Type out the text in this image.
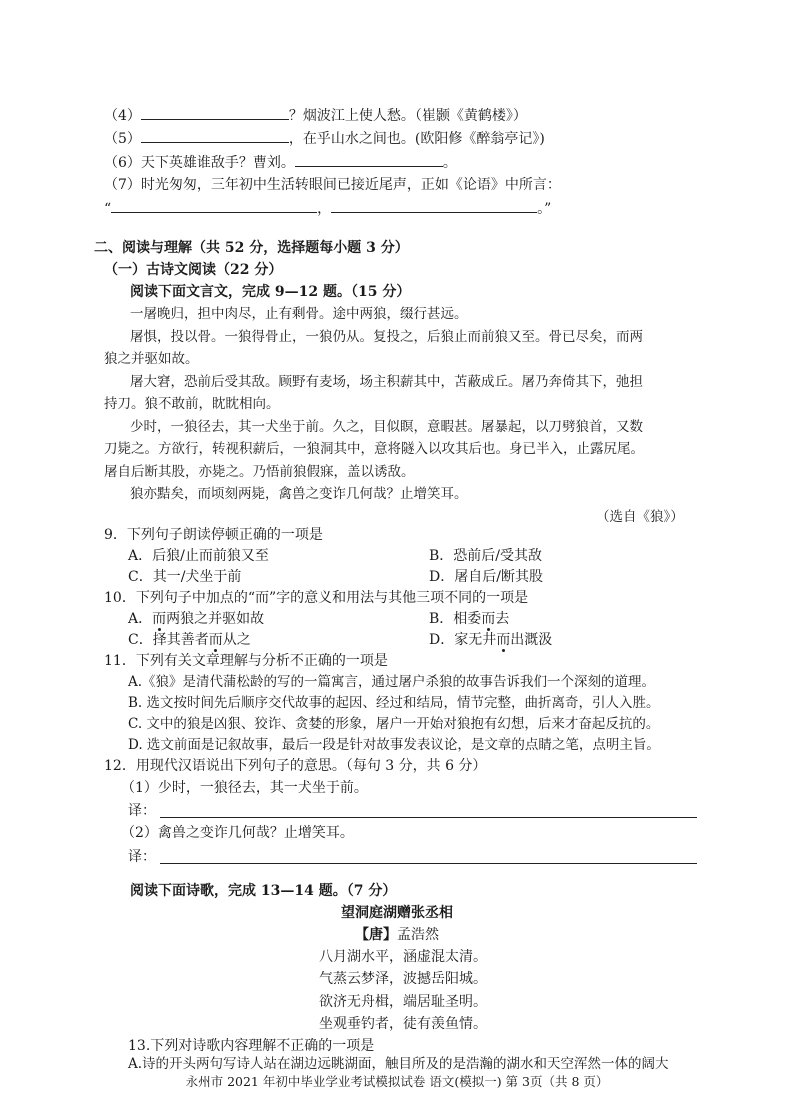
（4）	？烟波江上使人愁。（崔颢《黄鹤楼》）
（5）	，在乎山水之间也。(欧阳修《醉翁亭记》)
（6）天下英雄谁敌手？曹刘。	。
（7）时光匆匆，三年初中生活转眼间已接近尾声，正如《论语》中所言：
“	，	。”
二、阅读与理解（共 52 分，选择题每小题 3 分）
（一）古诗文阅读（22 分）
阅读下面文言文，完成 9—12 题。（15 分）
一屠晚归，担中肉尽，止有剩骨。途中两狼，缀行甚远。
屠惧，投以骨。一狼得骨止，一狼仍从。复投之，后狼止而前狼又至。骨已尽矣，而两
狼之并驱如故。
屠大窘，恐前后受其敌。顾野有麦场，场主积薪其中，苫蔽成丘。屠乃奔倚其下，弛担
持刀。狼不敢前，眈眈相向。
少时，一狼径去，其一犬坐于前。久之，目似瞑，意暇甚。屠暴起，以刀劈狼首，又数
刀毙之。方欲行，转视积薪后，一狼洞其中，意将隧入以攻其后也。身已半入，止露尻尾。
屠自后断其股，亦毙之。乃悟前狼假寐，盖以诱敌。
狼亦黠矣，而顷刻两毙，禽兽之变诈几何哉？止增笑耳。
（选自《狼》）
9．下列句子朗读停顿正确的一项是
A．后狼/止而前狼又至	B．恐前后/受其敌
C．其一/犬坐于前	D．屠自后/断其股
10．下列句子中加点的“而”字的意义和用法与其他三项不同的一项是
A．而两狼之并驱如故	B．相委而去
C．择其善者而从之	D．家无井而出溉汲
11．下列有关文章理解与分析不正确的一项是
A.《狼》是清代蒲松龄的写的一篇寓言，通过屠户杀狼的故事告诉我们一个深刻的道理。
B. 选文按时间先后顺序交代故事的起因、经过和结局，情节完整，曲折离奇，引人入胜。
C. 文中的狼是凶狠、狡诈、贪婪的形象，屠户一开始对狼抱有幻想，后来才奋起反抗的。
D. 选文前面是记叙故事，最后一段是针对故事发表议论，是文章的点睛之笔，点明主旨。
12．用现代汉语说出下列句子的意思。（每句 3 分，共 6 分）
（1）少时，一狼径去，其一犬坐于前。
译：
（2）禽兽之变诈几何哉？止增笑耳。
译：
阅读下面诗歌，完成 13—14 题。（7 分）
望洞庭湖赠张丞相
【唐】孟浩然
八月湖水平，涵虚混太清。
气蒸云梦泽，波撼岳阳城。
欲济无舟楫，端居耻圣明。
坐观垂钓者，徒有羡鱼情。
13.下列对诗歌内容理解不正确的一项是
A.诗的开头两句写诗人站在湖边远眺湖面，触目所及的是浩瀚的湖水和天空浑然一体的阔大
永州市 2021 年初中毕业学业考试模拟试卷 语文(模拟一) 第 3页（共 8 页）
